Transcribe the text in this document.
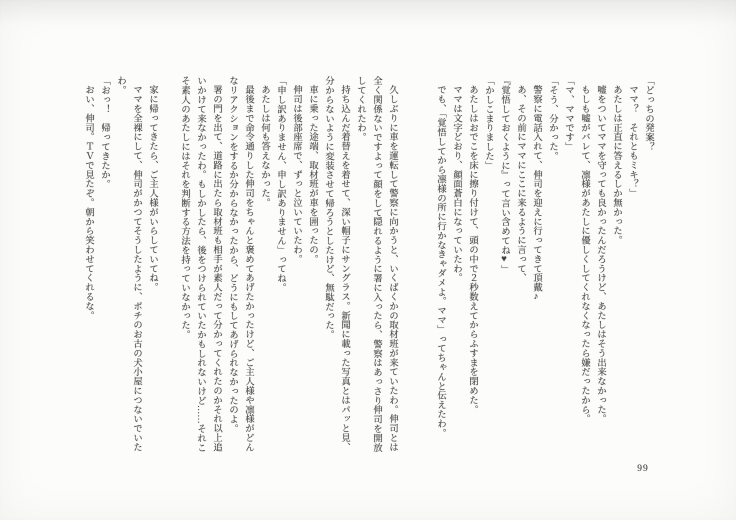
「どっちの発案？
ママ？　それともミキ？」
あたしは正直に答えるしか無かった。
嘘をついてママを守っても良かったんだろうけど、あたしはそう出来なかった。
もしも嘘がバレて、凛様があたしに優しくしてくれなくなったら嫌だったから。
「マ、ママです」
「そう、分かった。
警察に電話入れて、伸司を迎えに行ってきて頂戴♪
あ、その前にママにここに来るように言って、
『覚悟しておくように』って言い含めてね♥」
「かしこまりました」
あたしはおでこを床に擦り付けて、頭の中で２秒数えてからふすまを閉めた。
ママは文字どおり、顔面蒼白になっていたわ。
でも、「覚悟してから凛様の所に行かなきゃダメよ。ママ」ってちゃんと伝えたわ。
久しぶりに車を運転して警察に向かうと、いくばくかの取材班が来ていたわ。伸司とは
全く関係ないですよって顔をして隠れるように署に入ったら、警察はあっさり伸司を開放
してくれたわ。
持ち込んだ着替えを着せて、深い帽子にサングラス。新聞に載った写真とはパッと見、
分からないように変装させて帰ろうとしたけど、無駄だった。
車に乗った途端、取材班が車を囲ったの。
伸司は後部座席で、ずっと泣いていたわ。
「申し訳ありません、申し訳ありません」ってね。
あたしは何も答えなかった。
最後まで命令通りした伸司をちゃんと褒めてあげたかったけど、ご主人様や凛様がどん
なリアクションをするか分からなかったから、どうにもしてあげられなかったのよ。
署の門を出て、道路に出たら取材班も相手が素人だって分かってくれたのかそれ以上追
いかけて来なかったわ。もしかしたら、後をつけられていたかもしれないけど……それこ
そ素人のあたしにはそれを判断する方法を持っていなかった。
家に帰ってきたら、ご主人様がいらしていてね。
ママを全裸にして、伸司がかつてそうしたように、ポチのお古の犬小屋につないでいた
わ。
「おっ！　帰ってきたか。
おい、伸司。ＴＶで見たぞ。朝から笑わせてくれるな。
99
